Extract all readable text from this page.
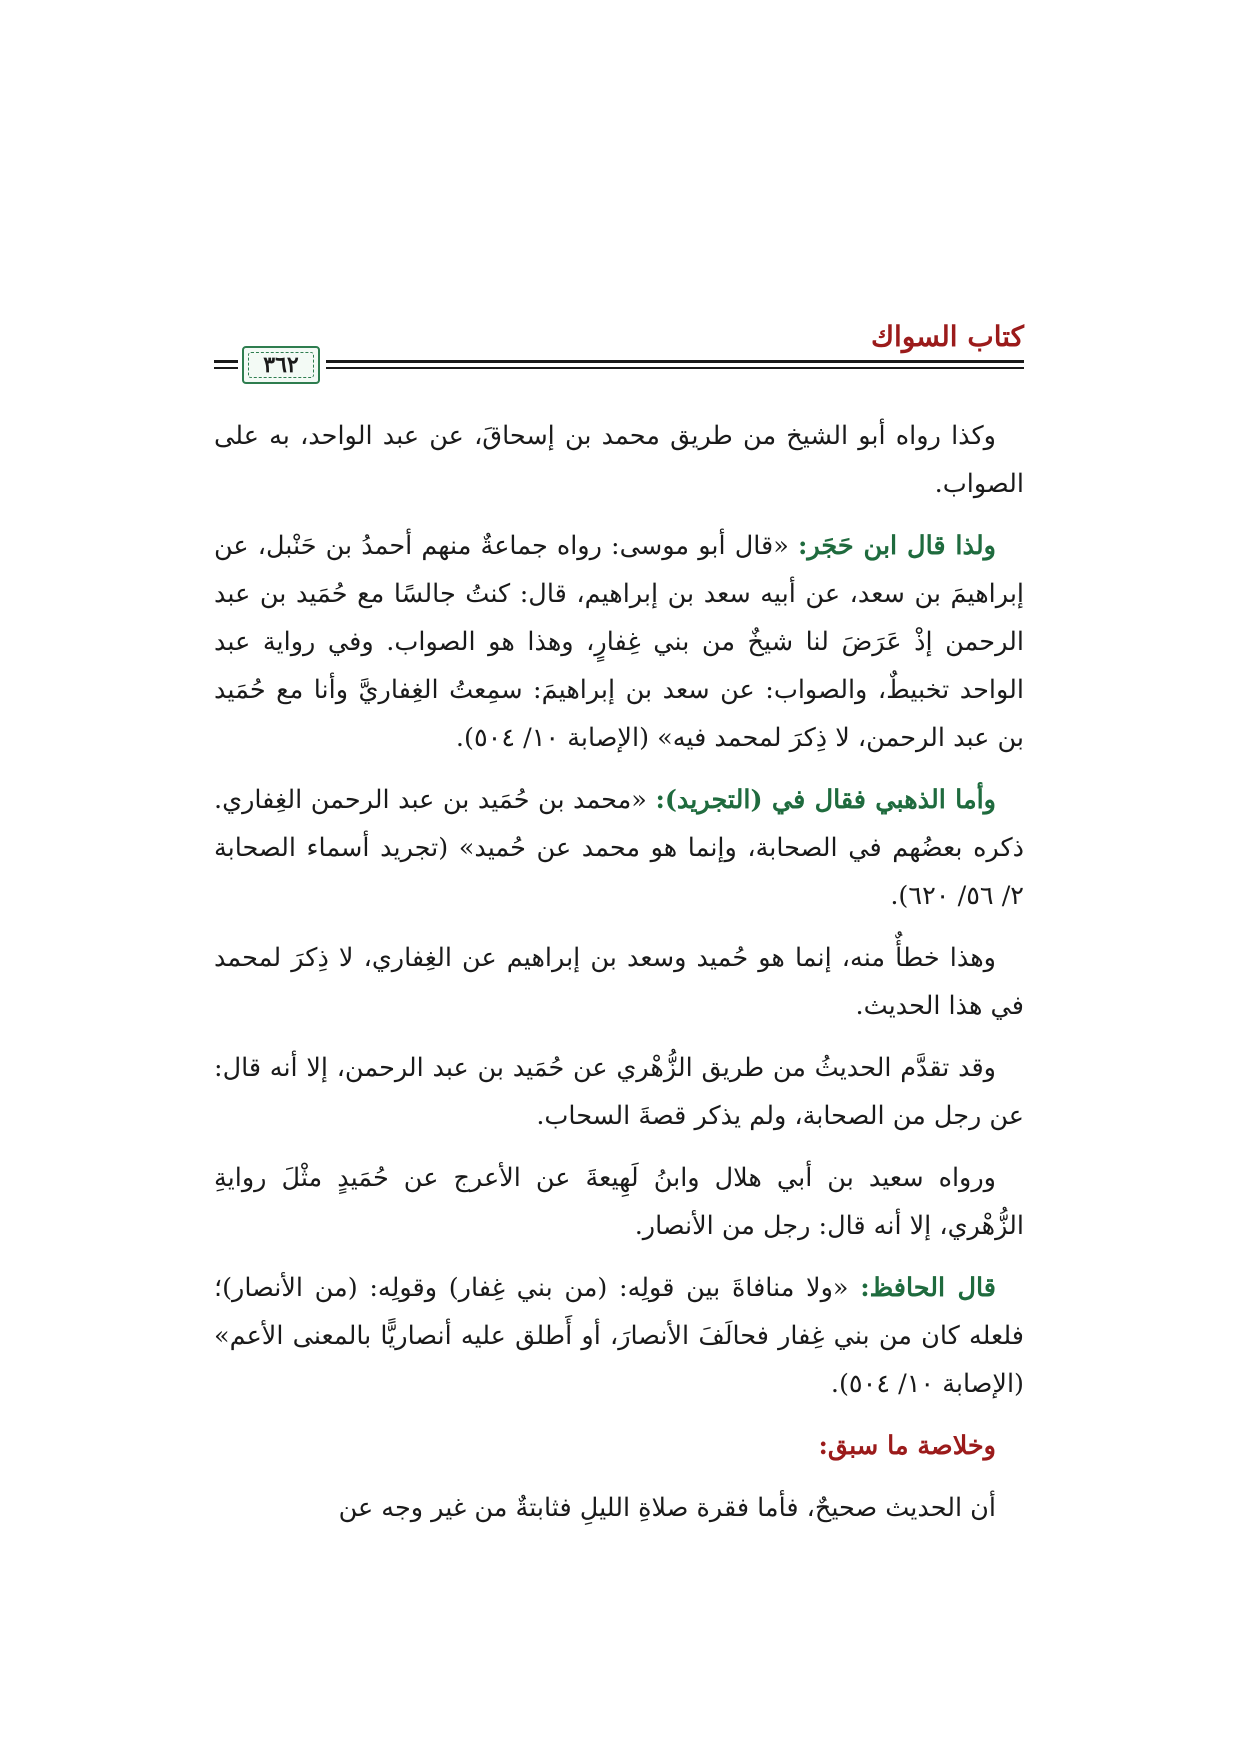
كتاب السواك
٣٦٢

وكذا رواه أبو الشيخ من طريق محمد بن إسحاقَ، عن عبد الواحد، به على الصواب.

ولذا قال ابن حَجَر: «قال أبو موسى: رواه جماعةٌ منهم أحمدُ بن حَنْبل، عن إبراهيمَ بن سعد، عن أبيه سعد بن إبراهيم، قال: كنتُ جالسًا مع حُمَيد بن عبد الرحمن إذْ عَرَضَ لنا شيخٌ من بني غِفارٍ، وهذا هو الصواب. وفي رواية عبد الواحد تخبيطٌ، والصواب: عن سعد بن إبراهيمَ: سمِعتُ الغِفاريَّ وأنا مع حُمَيد بن عبد الرحمن، لا ذِكرَ لمحمد فيه» (الإصابة ١٠/ ٥٠٤).

وأما الذهبي فقال في (التجريد): «محمد بن حُمَيد بن عبد الرحمن الغِفاري. ذكره بعضُهم في الصحابة، وإنما هو محمد عن حُميد» (تجريد أسماء الصحابة ٢/ ٥٦/ ٦٢٠).

وهذا خطأٌ منه، إنما هو حُميد وسعد بن إبراهيم عن الغِفاري، لا ذِكرَ لمحمد في هذا الحديث.

وقد تقدَّم الحديثُ من طريق الزُّهْري عن حُمَيد بن عبد الرحمن، إلا أنه قال: عن رجل من الصحابة، ولم يذكر قصةَ السحاب.

ورواه سعيد بن أبي هلال وابنُ لَهِيعةَ عن الأعرج عن حُمَيدٍ مثْلَ روايةِ الزُّهْري، إلا أنه قال: رجل من الأنصار.

قال الحافظ: «ولا منافاةَ بين قولِه: (من بني غِفار) وقولِه: (من الأنصار)؛ فلعله كان من بني غِفار فحالَفَ الأنصارَ، أو أَطلق عليه أنصاريًّا بالمعنى الأعم» (الإصابة ١٠/ ٥٠٤).

وخلاصة ما سبق:

أن الحديث صحيحٌ، فأما فقرة صلاةِ الليلِ فثابتةٌ من غير وجه عن
